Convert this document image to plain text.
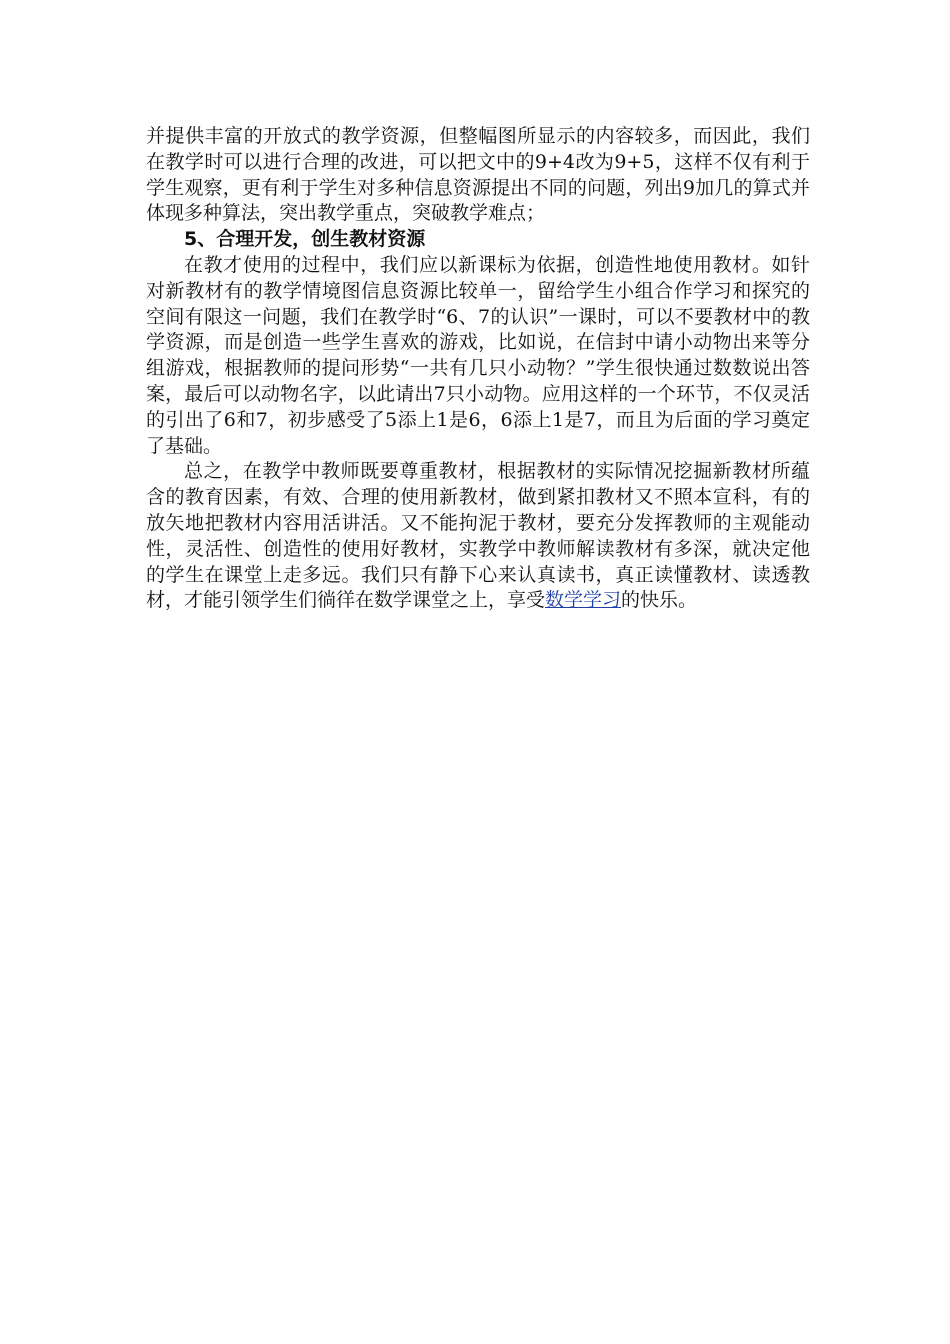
并提供丰富的开放式的教学资源，但整幅图所显示的内容较多，而因此，我们在教学时可以进行合理的改进，可以把文中的9+4改为9+5，这样不仅有利于学生观察，更有利于学生对多种信息资源提出不同的问题，列出9加几的算式并体现多种算法，突出教学重点，突破教学难点；

5、合理开发，创生教材资源

在教才使用的过程中，我们应以新课标为依据，创造性地使用教材。如针对新教材有的教学情境图信息资源比较单一，留给学生小组合作学习和探究的空间有限这一问题，我们在教学时“6、7的认识”一课时，可以不要教材中的教学资源，而是创造一些学生喜欢的游戏，比如说，在信封中请小动物出来等分组游戏，根据教师的提问形势“一共有几只小动物？”学生很快通过数数说出答案，最后可以动物名字，以此请出7只小动物。应用这样的一个环节，不仅灵活的引出了6和7，初步感受了5添上1是6，6添上1是7，而且为后面的学习奠定了基础。

总之，在教学中教师既要尊重教材，根据教材的实际情况挖掘新教材所蕴含的教育因素，有效、合理的使用新教材，做到紧扣教材又不照本宣科，有的放矢地把教材内容用活讲活。又不能拘泥于教材，要充分发挥教师的主观能动性，灵活性、创造性的使用好教材，实教学中教师解读教材有多深，就决定他的学生在课堂上走多远。我们只有静下心来认真读书，真正读懂教材、读透教材，才能引领学生们徜徉在数学课堂之上，享受数学学习的快乐。
